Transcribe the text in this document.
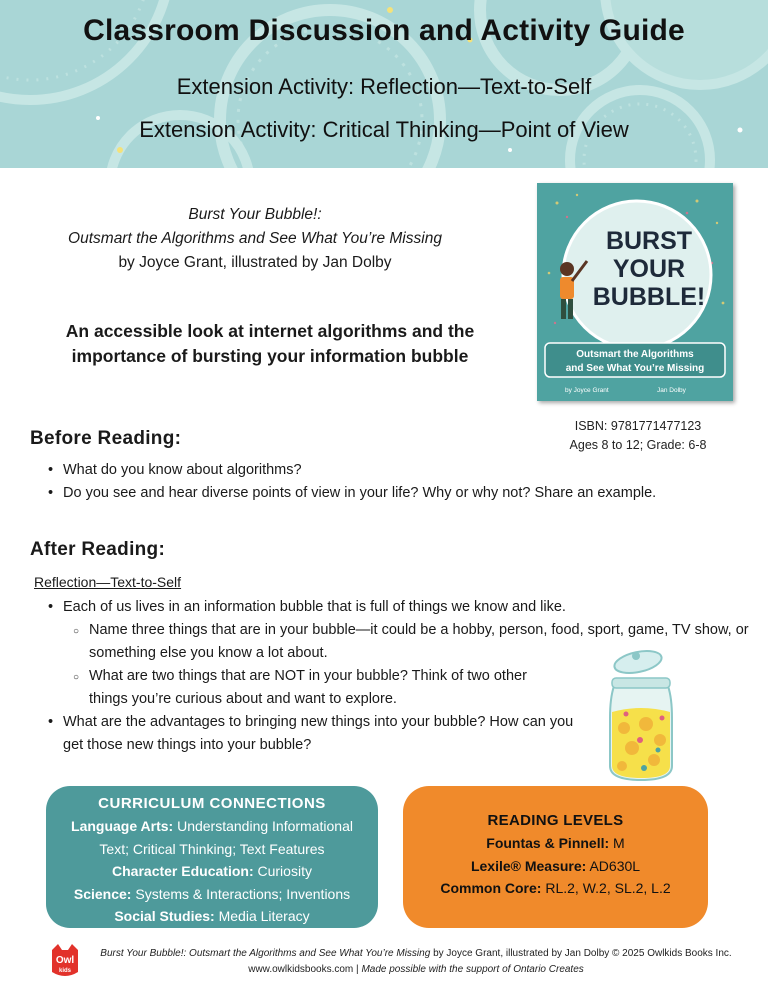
Classroom Discussion and Activity Guide
Extension Activity: Reflection—Text-to-Self
Extension Activity: Critical Thinking—Point of View
Burst Your Bubble!:
Outsmart the Algorithms and See What You’re Missing
by Joyce Grant, illustrated by Jan Dolby
An accessible look at internet algorithms and the
importance of bursting your information bubble
BURST
YOUR
BUBBLE!
Outsmart the Algorithms
and See What You’re Missing
by Joyce Grant	Jan Dolby
ISBN: 9781771477123
Ages 8 to 12; Grade: 6-8
Before Reading:
• What do you know about algorithms?
• Do you see and hear diverse points of view in your life? Why or why not? Share an example.
After Reading:
Reflection—Text-to-Self
• Each of us lives in an information bubble that is full of things we know and like.
○ Name three things that are in your bubble—it could be a hobby, person, food, sport, game, TV show, or something else you know a lot about.
○ What are two things that are NOT in your bubble? Think of two other things you’re curious about and want to explore.
• What are the advantages to bringing new things into your bubble? How can you get those new things into your bubble?
CURRICULUM CONNECTIONS
Language Arts: Understanding Informational
Text; Critical Thinking; Text Features
Character Education: Curiosity
Science: Systems & Interactions; Inventions
Social Studies: Media Literacy
READING LEVELS
Fountas & Pinnell: M
Lexile® Measure: AD630L
Common Core: RL.2, W.2, SL.2, L.2
Owl
kids
Burst Your Bubble!: Outsmart the Algorithms and See What You’re Missing by Joyce Grant, illustrated by Jan Dolby © 2025 Owlkids Books Inc.
www.owlkidsbooks.com | Made possible with the support of Ontario Creates
